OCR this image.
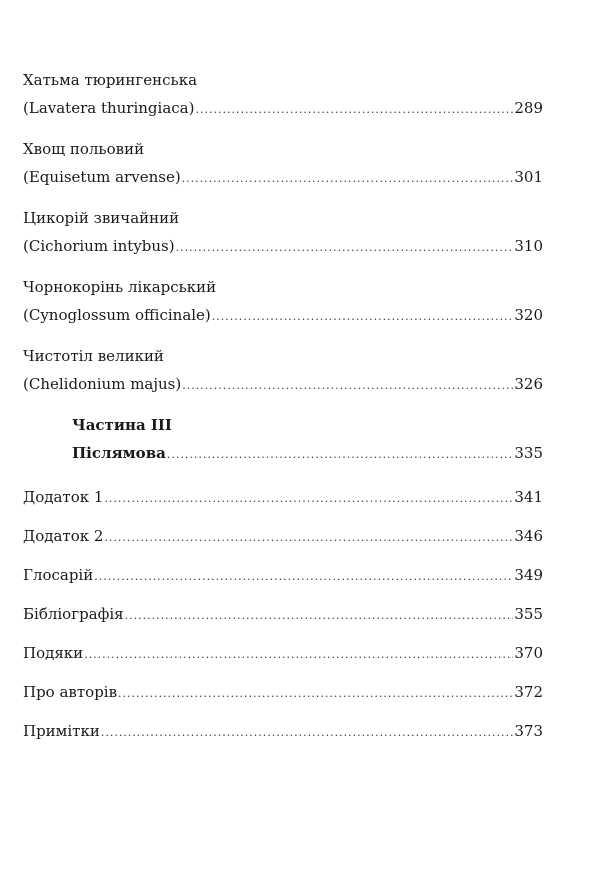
Хатьма тюрингенська
(Lavatera thuringiaca) .....	289
Хвощ польовий
(Equisetum arvense) .....	301
Цикорій звичайний
(Cichorium intybus) .....	310
Чорнокорінь лікарський
(Cynoglossum officinale) .....	320
Чистотіл великий
(Chelidonium majus) .....	326
Частина III
Післямова .....	335
Додаток 1 .....	341
Додаток 2 .....	346
Глосарій .....	349
Бібліографія .....	355
Подяки .....	370
Про авторів .....	372
Примітки .....	373
